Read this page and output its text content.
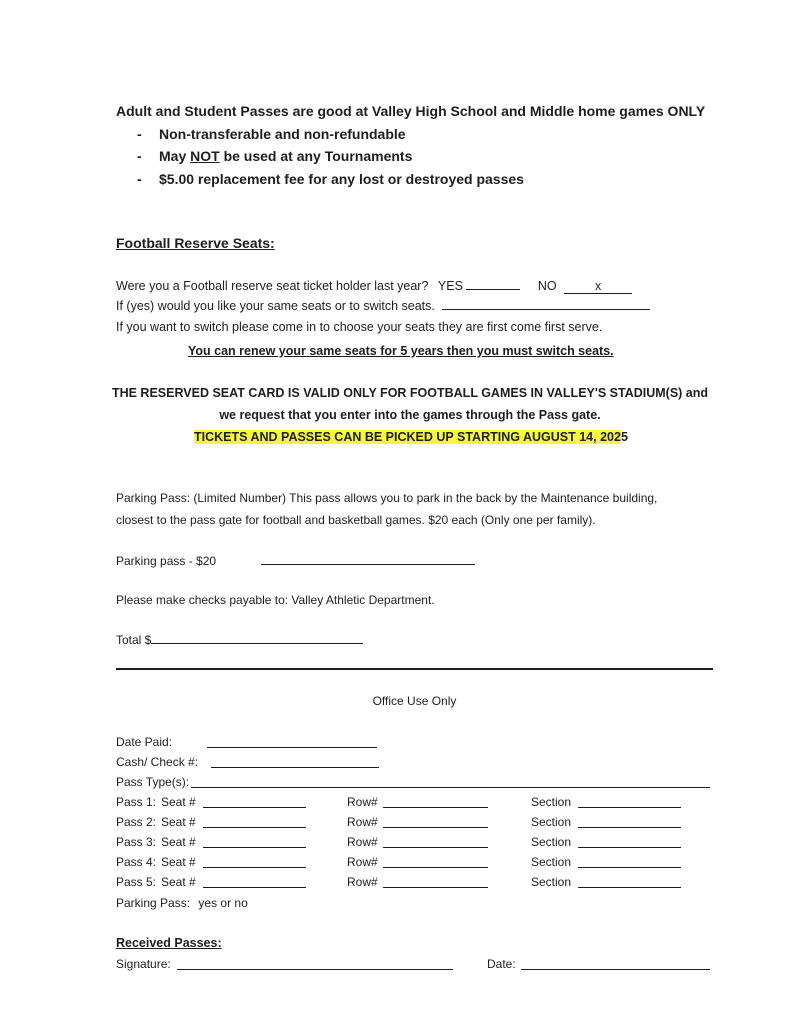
Adult and Student Passes are good at Valley High School and Middle home games ONLY
- Non-transferable and non-refundable
- May NOT be used at any Tournaments
- $5.00 replacement fee for any lost or destroyed passes
Football Reserve Seats:
Were you a Football reserve seat ticket holder last year? YES	NO	x
If (yes) would you like your same seats or to switch seats.
If you want to switch please come in to choose your seats they are first come first serve.
You can renew your same seats for 5 years then you must switch seats.
THE RESERVED SEAT CARD IS VALID ONLY FOR FOOTBALL GAMES IN VALLEY'S STADIUM(S) and
we request that you enter into the games through the Pass gate.
TICKETS AND PASSES CAN BE PICKED UP STARTING AUGUST 14, 2025
Parking Pass: (Limited Number) This pass allows you to park in the back by the Maintenance building,
closest to the pass gate for football and basketball games. $20 each (Only one per family).
Parking pass - $20
Please make checks payable to: Valley Athletic Department.
Total $
Office Use Only
Date Paid:
Cash/ Check #:
Pass Type(s):
Pass 1: Seat #	Row#	Section
Pass 2: Seat #	Row#	Section
Pass 3: Seat #	Row#	Section
Pass 4: Seat #	Row#	Section
Pass 5: Seat #	Row#	Section
Parking Pass: yes or no
Received Passes:
Signature:	Date:
